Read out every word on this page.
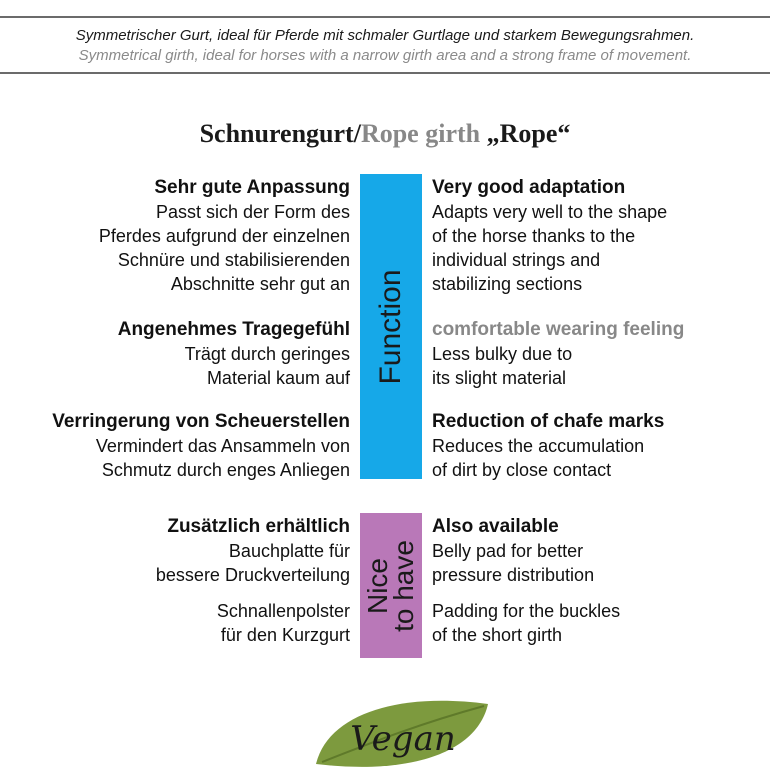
Symmetrischer Gurt, ideal für Pferde mit schmaler Gurtlage und starkem Bewegungsrahmen.
Symmetrical girth, ideal for horses with a narrow girth area and a strong frame of movement.
Schnurengurt/Rope girth „Rope“
Function
Sehr gute Anpassung

Passt sich der Form des
Pferdes aufgrund der einzelnen
Schnüre und stabilisierenden
Abschnitte sehr gut an

Angenehmes Tragegefühl

Trägt durch geringes
Material kaum auf

Verringerung von Scheuerstellen

Vermindert das Ansammeln von
Schmutz durch enges Anliegen

Very good adaptation

Adapts very well to the shape
of the horse thanks to the
individual strings and
stabilizing sections

comfortable wearing feeling

Less bulky due to
its slight material

Reduction of chafe marks

Reduces the accumulation
of dirt by close contact

Nice
to have
Zusätzlich erhältlich

Bauchplatte für
bessere Druckverteilung

Schnallenpolster
für den Kurzgurt

Also available

Belly pad for better
pressure distribution

Padding for the buckles
of the short girth

Vegan
